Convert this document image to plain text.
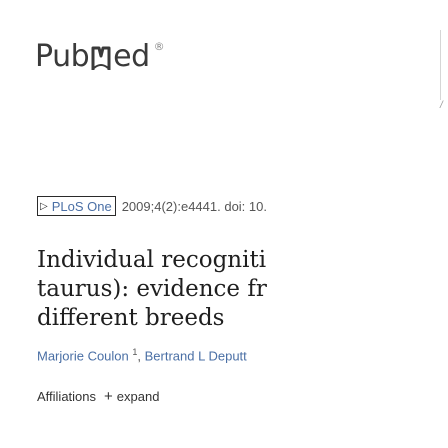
Pub ed ®
/
▷ PLoS One 2009;4(2):e4441. doi: 10.
Individual recogniti
taurus): evidence fr
different breeds
Marjorie Coulon $^1$, Bertrand L Deputt
Affiliations + expand
